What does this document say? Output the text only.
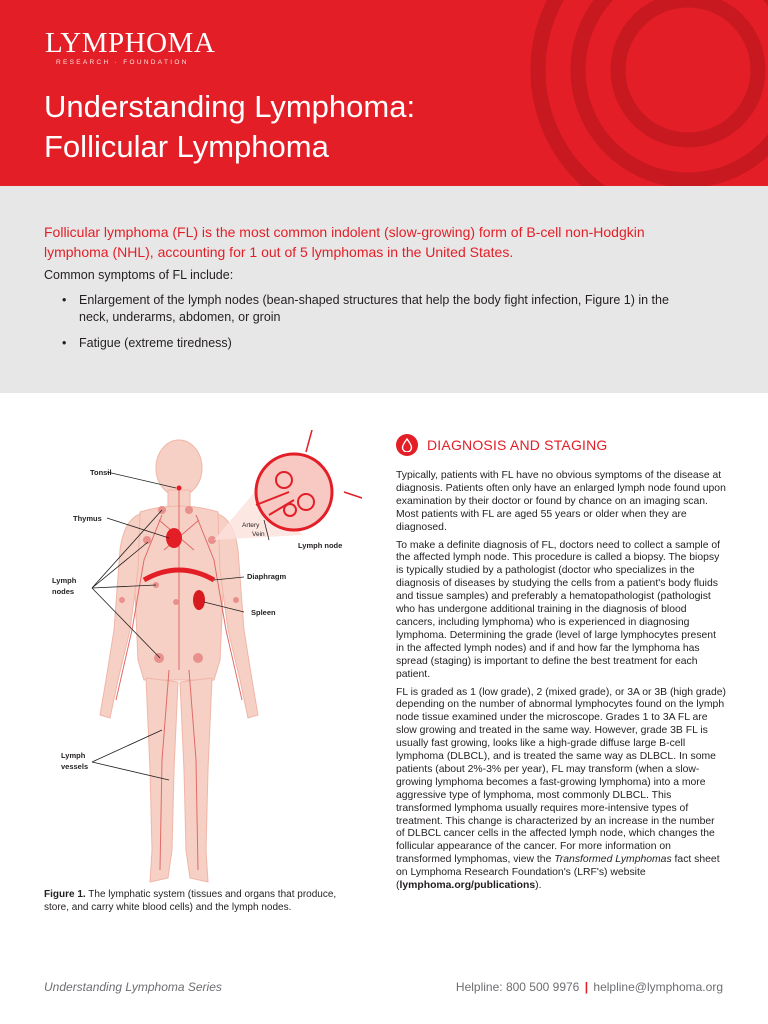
LYMPHOMA
RESEARCH · FOUNDATION
Understanding Lymphoma:
Follicular Lymphoma

Follicular lymphoma (FL) is the most common indolent (slow-growing) form of B-cell non-Hodgkin lymphoma (NHL), accounting for 1 out of 5 lymphomas in the United States.

Common symptoms of FL include:

• Enlargement of the lymph nodes (bean-shaped structures that help the body fight infection, Figure 1) in the neck, underarms, abdomen, or groin
• Fatigue (extreme tiredness)
Tonsil
Thymus
Lymph
nodes
Diaphragm
Spleen
Lymph
vessels
Lymph node
Artery
Vein

Figure 1. The lymphatic system (tissues and organs that produce, store, and carry white blood cells) and the lymph nodes.

DIAGNOSIS AND STAGING

Typically, patients with FL have no obvious symptoms of the disease at diagnosis. Patients often only have an enlarged lymph node found upon examination by their doctor or found by chance on an imaging scan. Most patients with FL are aged 55 years or older when they are diagnosed.

To make a definite diagnosis of FL, doctors need to collect a sample of the affected lymph node. This procedure is called a biopsy. The biopsy is typically studied by a pathologist (doctor who specializes in the diagnosis of diseases by studying the cells from a patient's body fluids and tissue samples) and preferably a hematopathologist (pathologist who has undergone additional training in the diagnosis of blood cancers, including lymphoma) who is experienced in diagnosing lymphoma. Determining the grade (level of large lymphocytes present in the affected lymph nodes) and if and how far the lymphoma has spread (staging) is important to define the best treatment for each patient.

FL is graded as 1 (low grade), 2 (mixed grade), or 3A or 3B (high grade) depending on the number of abnormal lymphocytes found on the lymph node tissue examined under the microscope. Grades 1 to 3A FL are slow growing and treated in the same way. However, grade 3B FL is usually fast growing, looks like a high-grade diffuse large B-cell lymphoma (DLBCL), and is treated the same way as DLBCL. In some patients (about 2%-3% per year), FL may transform (when a slow-growing lymphoma becomes a fast-growing lymphoma) into a more aggressive type of lymphoma, most commonly DLBCL. This transformed lymphoma usually requires more-intensive types of treatment. This change is characterized by an increase in the number of DLBCL cancer cells in the affected lymph node, which changes the follicular appearance of the cancer. For more information on transformed lymphomas, view the Transformed Lymphomas fact sheet on Lymphoma Research Foundation's (LRF's) website (lymphoma.org/publications).

Understanding Lymphoma Series	Helpline: 800 500 9976 | helpline@lymphoma.org
